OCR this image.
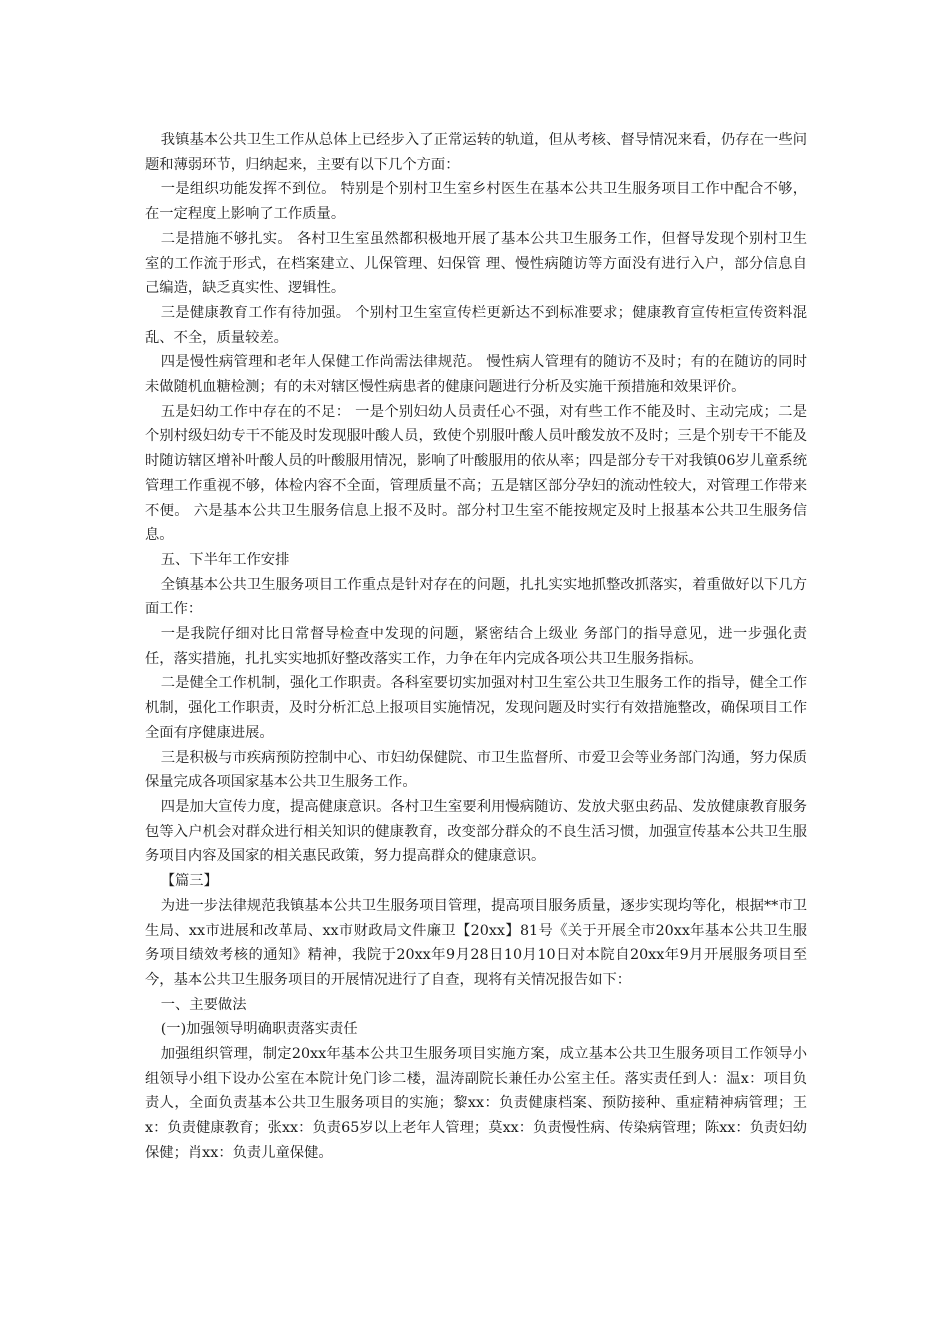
我镇基本公共卫生工作从总体上已经步入了正常运转的轨道，但从考核、督导情况来看，仍存在一些问题和薄弱环节，归纳起来，主要有以下几个方面：

一是组织功能发挥不到位。 特别是个别村卫生室乡村医生在基本公共卫生服务项目工作中配合不够，在一定程度上影响了工作质量。

二是措施不够扎实。 各村卫生室虽然都积极地开展了基本公共卫生服务工作，但督导发现个别村卫生室的工作流于形式，在档案建立、儿保管理、妇保管 理、慢性病随访等方面没有进行入户，部分信息自己编造，缺乏真实性、逻辑性。

三是健康教育工作有待加强。 个别村卫生室宣传栏更新达不到标准要求；健康教育宣传柜宣传资料混乱、不全，质量较差。

四是慢性病管理和老年人保健工作尚需法律规范。 慢性病人管理有的随访不及时；有的在随访的同时未做随机血糖检测；有的未对辖区慢性病患者的健康问题进行分析及实施干预措施和效果评价。

五是妇幼工作中存在的不足： 一是个别妇幼人员责任心不强，对有些工作不能及时、主动完成；二是个别村级妇幼专干不能及时发现服叶酸人员，致使个别服叶酸人员叶酸发放不及时；三是个别专干不能及时随访辖区增补叶酸人员的叶酸服用情况，影响了叶酸服用的依从率；四是部分专干对我镇06岁儿童系统管理工作重视不够，体检内容不全面，管理质量不高；五是辖区部分孕妇的流动性较大，对管理工作带来不便。 六是基本公共卫生服务信息上报不及时。部分村卫生室不能按规定及时上报基本公共卫生服务信息。

五、下半年工作安排

全镇基本公共卫生服务项目工作重点是针对存在的问题，扎扎实实地抓整改抓落实，着重做好以下几方面工作：

一是我院仔细对比日常督导检查中发现的问题，紧密结合上级业 务部门的指导意见，进一步强化责任，落实措施，扎扎实实地抓好整改落实工作，力争在年内完成各项公共卫生服务指标。

二是健全工作机制，强化工作职责。各科室要切实加强对村卫生室公共卫生服务工作的指导，健全工作机制，强化工作职责，及时分析汇总上报项目实施情况，发现问题及时实行有效措施整改，确保项目工作全面有序健康进展。

三是积极与市疾病预防控制中心、市妇幼保健院、市卫生监督所、市爱卫会等业务部门沟通，努力保质保量完成各项国家基本公共卫生服务工作。

四是加大宣传力度，提高健康意识。各村卫生室要利用慢病随访、发放犬驱虫药品、发放健康教育服务包等入户机会对群众进行相关知识的健康教育，改变部分群众的不良生活习惯，加强宣传基本公共卫生服务项目内容及国家的相关惠民政策，努力提高群众的健康意识。

【篇三】

为进一步法律规范我镇基本公共卫生服务项目管理，提高项目服务质量，逐步实现均等化，根据**市卫生局、xx市进展和改革局、xx市财政局文件廉卫【20xx】81号《关于开展全市20xx年基本公共卫生服务项目绩效考核的通知》精神，我院于20xx年9月28日10月10日对本院自20xx年9月开展服务项目至今，基本公共卫生服务项目的开展情况进行了自查，现将有关情况报告如下：

一、主要做法

(一)加强领导明确职责落实责任

加强组织管理，制定20xx年基本公共卫生服务项目实施方案，成立基本公共卫生服务项目工作领导小组领导小组下设办公室在本院计免门诊二楼，温涛副院长兼任办公室主任。落实责任到人：温x：项目负责人，全面负责基本公共卫生服务项目的实施；黎xx：负责健康档案、预防接种、重症精神病管理；王x：负责健康教育；张xx：负责65岁以上老年人管理；莫xx：负责慢性病、传染病管理；陈xx：负责妇幼保健；肖xx：负责儿童保健。
